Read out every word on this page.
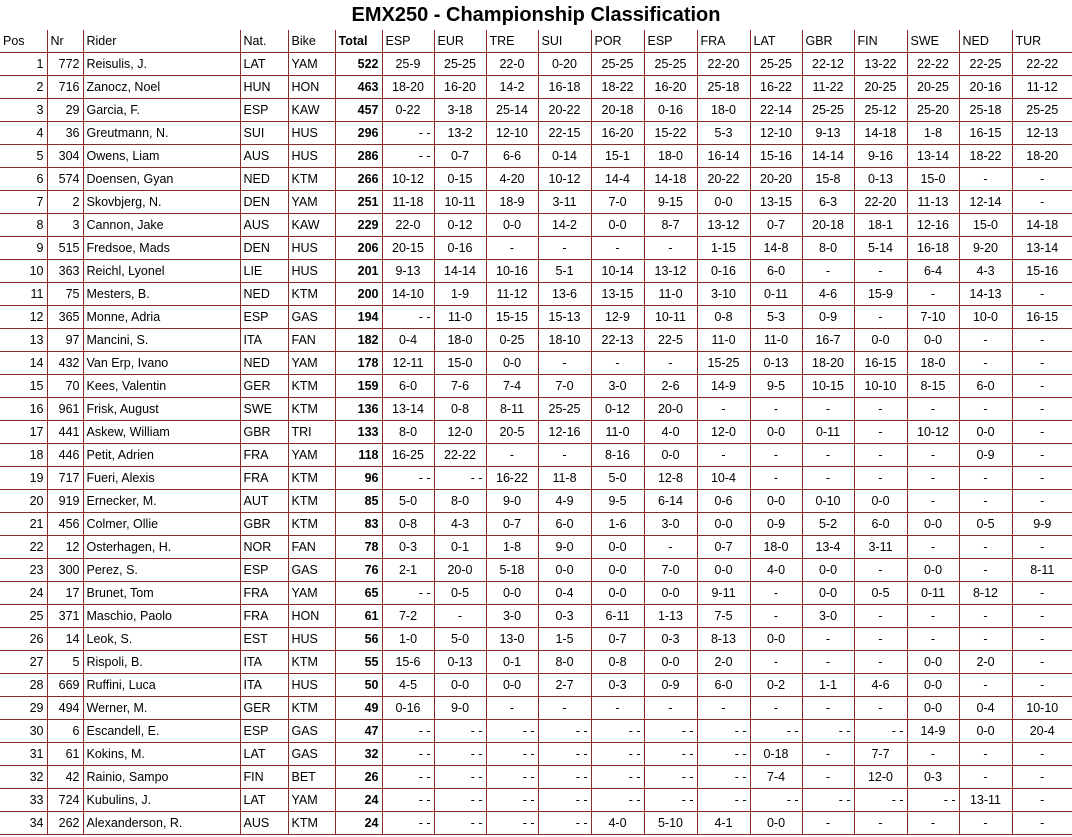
EMX250 - Championship Classification
Pos	Nr	Rider	Nat.	Bike	Total	ESP	EUR	TRE	SUI	POR	ESP	FRA	LAT	GBR	FIN	SWE	NED	TUR
1	772	Reisulis, J.	LAT	YAM	522	25-9	25-25	22-0	0-20	25-25	25-25	22-20	25-25	22-12	13-22	22-22	22-25	22-22
2	716	Zanocz, Noel	HUN	HON	463	18-20	16-20	14-2	16-18	18-22	16-20	25-18	16-22	11-22	20-25	20-25	20-16	11-12
3	29	Garcia, F.	ESP	KAW	457	0-22	3-18	25-14	20-22	20-18	0-16	18-0	22-14	25-25	25-12	25-20	25-18	25-25
4	36	Greutmann, N.	SUI	HUS	296	- -	13-2	12-10	22-15	16-20	15-22	5-3	12-10	9-13	14-18	1-8	16-15	12-13
5	304	Owens, Liam	AUS	HUS	286	- -	0-7	6-6	0-14	15-1	18-0	16-14	15-16	14-14	9-16	13-14	18-22	18-20
6	574	Doensen, Gyan	NED	KTM	266	10-12	0-15	4-20	10-12	14-4	14-18	20-22	20-20	15-8	0-13	15-0	-	-
7	2	Skovbjerg, N.	DEN	YAM	251	11-18	10-11	18-9	3-11	7-0	9-15	0-0	13-15	6-3	22-20	11-13	12-14	-
8	3	Cannon, Jake	AUS	KAW	229	22-0	0-12	0-0	14-2	0-0	8-7	13-12	0-7	20-18	18-1	12-16	15-0	14-18
9	515	Fredsoe, Mads	DEN	HUS	206	20-15	0-16	-	-	-	-	1-15	14-8	8-0	5-14	16-18	9-20	13-14
10	363	Reichl, Lyonel	LIE	HUS	201	9-13	14-14	10-16	5-1	10-14	13-12	0-16	6-0	-	-	6-4	4-3	15-16
11	75	Mesters, B.	NED	KTM	200	14-10	1-9	11-12	13-6	13-15	11-0	3-10	0-11	4-6	15-9	-	14-13	-
12	365	Monne, Adria	ESP	GAS	194	- -	11-0	15-15	15-13	12-9	10-11	0-8	5-3	0-9	-	7-10	10-0	16-15
13	97	Mancini, S.	ITA	FAN	182	0-4	18-0	0-25	18-10	22-13	22-5	11-0	11-0	16-7	0-0	0-0	-	-
14	432	Van Erp, Ivano	NED	YAM	178	12-11	15-0	0-0	-	-	-	15-25	0-13	18-20	16-15	18-0	-	-
15	70	Kees, Valentin	GER	KTM	159	6-0	7-6	7-4	7-0	3-0	2-6	14-9	9-5	10-15	10-10	8-15	6-0	-
16	961	Frisk, August	SWE	KTM	136	13-14	0-8	8-11	25-25	0-12	20-0	-	-	-	-	-	-	-
17	441	Askew, William	GBR	TRI	133	8-0	12-0	20-5	12-16	11-0	4-0	12-0	0-0	0-11	-	10-12	0-0	-
18	446	Petit, Adrien	FRA	YAM	118	16-25	22-22	-	-	8-16	0-0	-	-	-	-	-	0-9	-
19	717	Fueri, Alexis	FRA	KTM	96	- -	- -	16-22	11-8	5-0	12-8	10-4	-	-	-	-	-	-
20	919	Ernecker, M.	AUT	KTM	85	5-0	8-0	9-0	4-9	9-5	6-14	0-6	0-0	0-10	0-0	-	-	-
21	456	Colmer, Ollie	GBR	KTM	83	0-8	4-3	0-7	6-0	1-6	3-0	0-0	0-9	5-2	6-0	0-0	0-5	9-9
22	12	Osterhagen, H.	NOR	FAN	78	0-3	0-1	1-8	9-0	0-0	-	0-7	18-0	13-4	3-11	-	-	-
23	300	Perez, S.	ESP	GAS	76	2-1	20-0	5-18	0-0	0-0	7-0	0-0	4-0	0-0	-	0-0	-	8-11
24	17	Brunet, Tom	FRA	YAM	65	- -	0-5	0-0	0-4	0-0	0-0	9-11	-	0-0	0-5	0-11	8-12	-
25	371	Maschio, Paolo	FRA	HON	61	7-2	-	3-0	0-3	6-11	1-13	7-5	-	3-0	-	-	-	-
26	14	Leok, S.	EST	HUS	56	1-0	5-0	13-0	1-5	0-7	0-3	8-13	0-0	-	-	-	-	-
27	5	Rispoli, B.	ITA	KTM	55	15-6	0-13	0-1	8-0	0-8	0-0	2-0	-	-	-	0-0	2-0	-
28	669	Ruffini, Luca	ITA	HUS	50	4-5	0-0	0-0	2-7	0-3	0-9	6-0	0-2	1-1	4-6	0-0	-	-
29	494	Werner, M.	GER	KTM	49	0-16	9-0	-	-	-	-	-	-	-	-	0-0	0-4	10-10
30	6	Escandell, E.	ESP	GAS	47	- -	- -	- -	- -	- -	- -	- -	- -	- -	- -	14-9	0-0	20-4
31	61	Kokins, M.	LAT	GAS	32	- -	- -	- -	- -	- -	- -	- -	0-18	-	7-7	-	-	-
32	42	Rainio, Sampo	FIN	BET	26	- -	- -	- -	- -	- -	- -	- -	7-4	-	12-0	0-3	-	-
33	724	Kubulins, J.	LAT	YAM	24	- -	- -	- -	- -	- -	- -	- -	- -	- -	- -	- -	13-11	-
34	262	Alexanderson, R.	AUS	KTM	24	- -	- -	- -	- -	4-0	5-10	4-1	0-0	-	-	-	-	-
